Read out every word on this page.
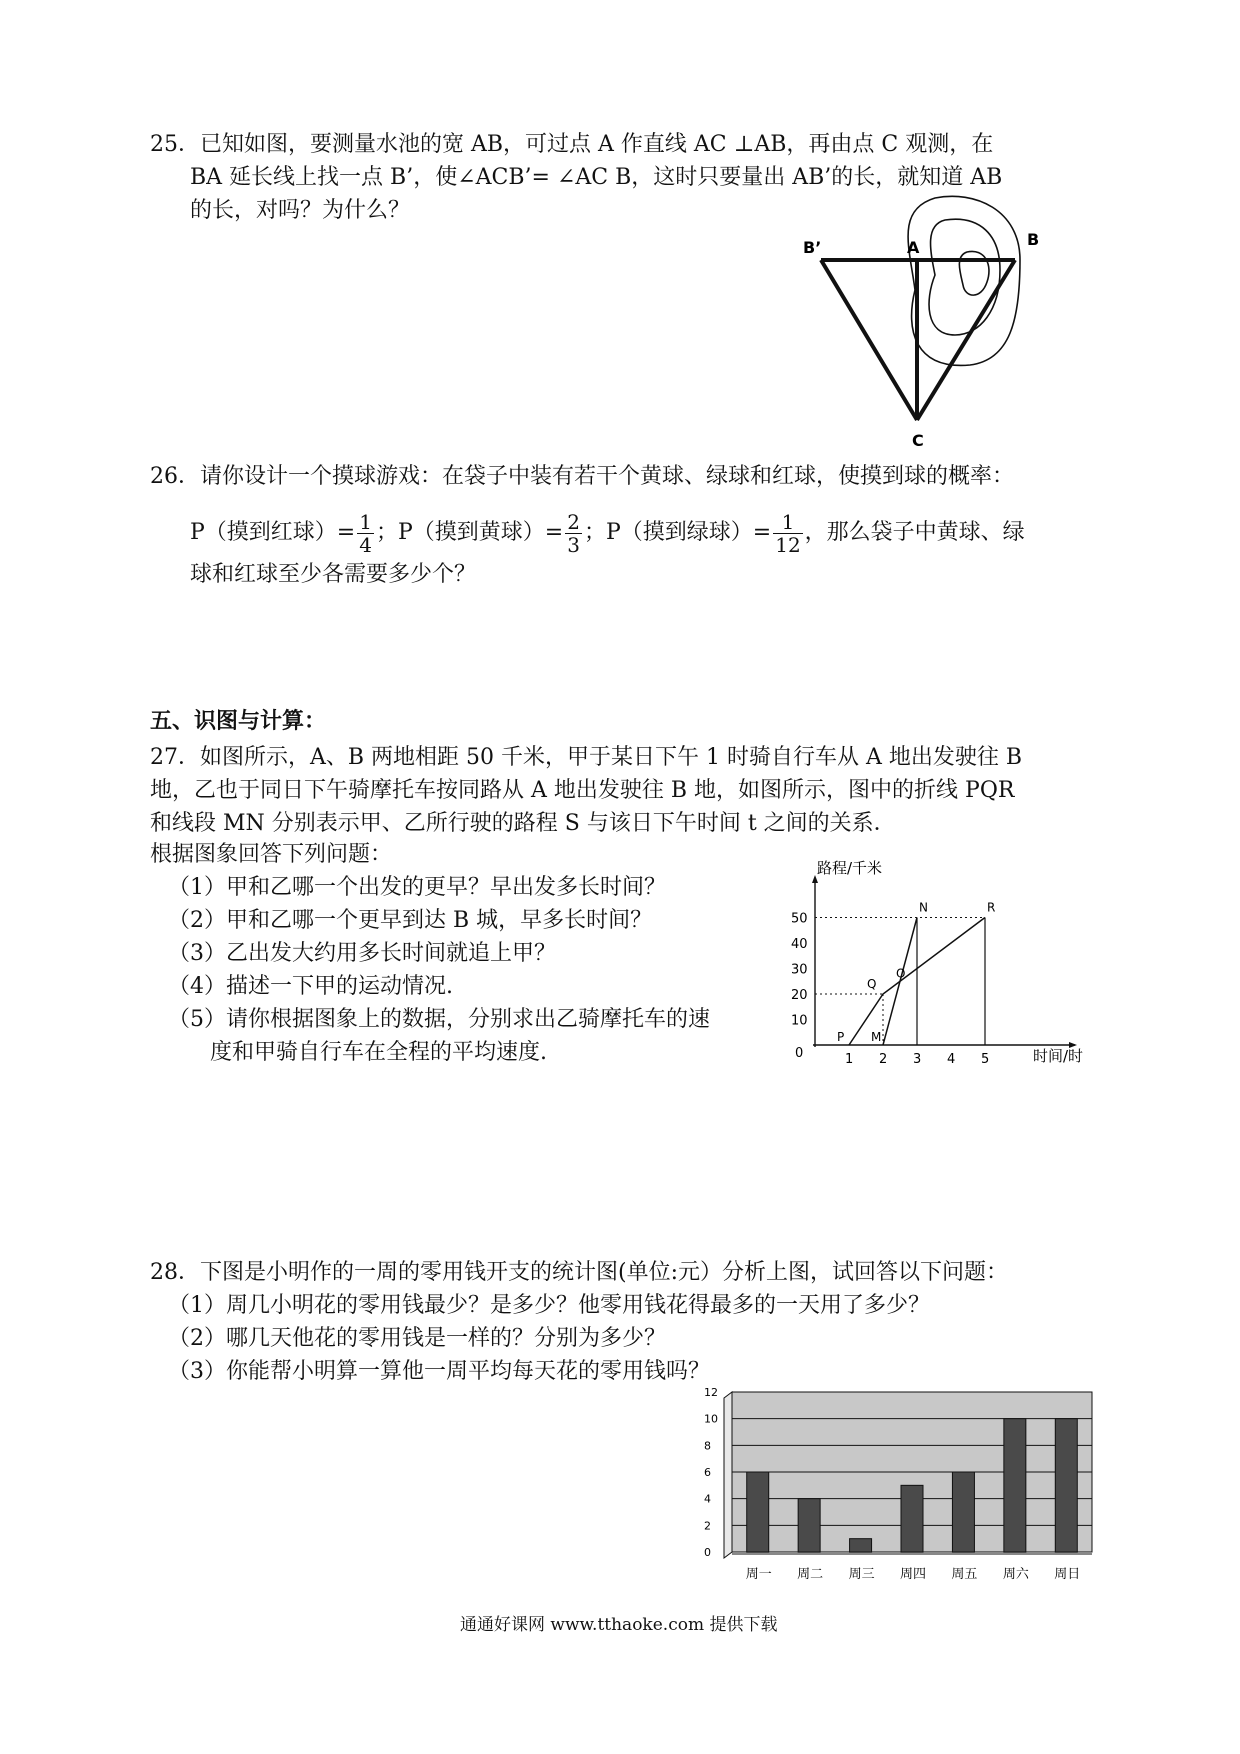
25．已知如图，要测量水池的宽 AB，可过点 A 作直线 AC ⊥AB，再由点 C 观测，在
BA 延长线上找一点 B’，使∠ACB’= ∠AC B，这时只要量出 AB’的长，就知道 AB
的长，对吗？为什么？
B’	A	B
C
26．请你设计一个摸球游戏：在袋子中装有若干个黄球、绿球和红球，使摸到球的概率：
P（摸到红球）= $\frac{1}{4}$ ；P（摸到黄球）= $\frac{2}{3}$ ；P（摸到绿球）= $\frac{1}{12}$ ，那么袋子中黄球、绿
球和红球至少各需要多少个？
五、识图与计算：
27．如图所示，A、B 两地相距 50 千米，甲于某日下午 1 时骑自行车从 A 地出发驶往 B
地，乙也于同日下午骑摩托车按同路从 A 地出发驶往 B 地，如图所示，图中的折线 PQR
和线段 MN 分别表示甲、乙所行驶的路程 S 与该日下午时间 t 之间的关系．
根据图象回答下列问题：
（1）甲和乙哪一个出发的更早？早出发多长时间？
（2）甲和乙哪一个更早到达 B 城，早多长时间？
（3）乙出发大约用多长时间就追上甲？
（4）描述一下甲的运动情况.
（5）请你根据图象上的数据，分别求出乙骑摩托车的速
度和甲骑自行车在全程的平均速度.
路程/千米
时间/时
0	1 2 3 4 5
10
20
30
40
50
P
Q
R
M
N
O
28．下图是小明作的一周的零用钱开支的统计图(单位:元）分析上图，试回答以下问题：
（1）周几小明花的零用钱最少？是多少？他零用钱花得最多的一天用了多少？
（2）哪几天他花的零用钱是一样的？分别为多少？
（3）你能帮小明算一算他一周平均每天花的零用钱吗？
0
2
4
6
8
10
12
周一 周二 周三 周四 周五 周六 周日
通通好课网 www.tthaoke.com 提供下载
